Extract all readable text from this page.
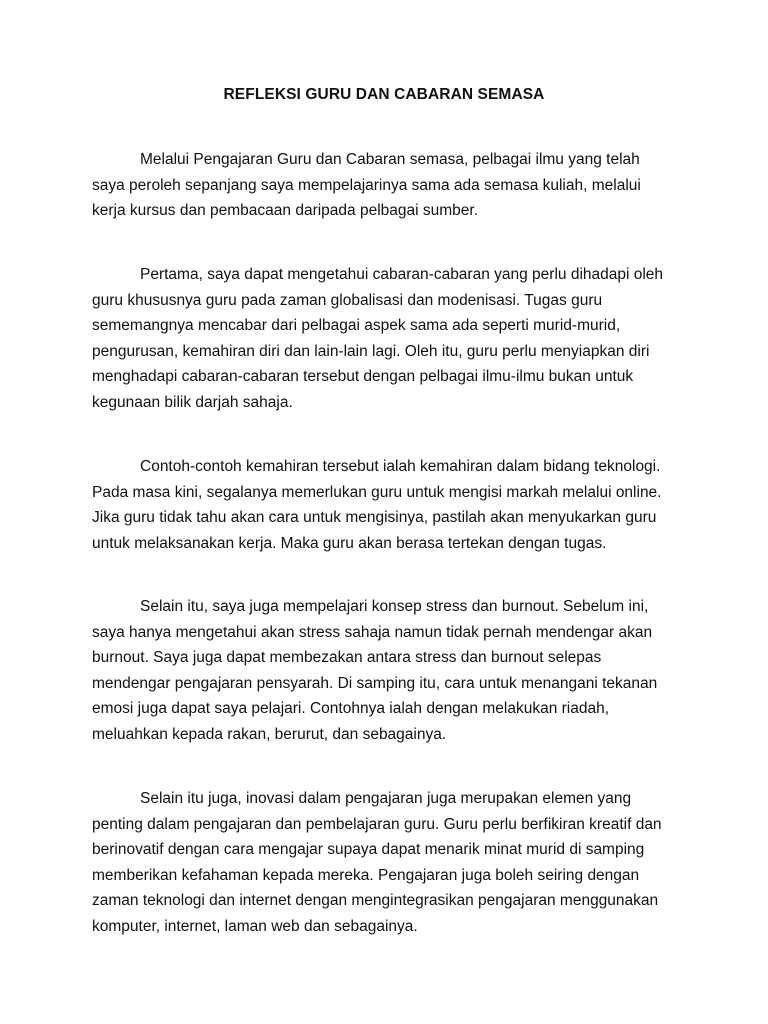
REFLEKSI GURU DAN CABARAN SEMASA

Melalui Pengajaran Guru dan Cabaran semasa, pelbagai ilmu yang telah
saya peroleh sepanjang saya mempelajarinya sama ada semasa kuliah, melalui
kerja kursus dan pembacaan daripada pelbagai sumber.

Pertama, saya dapat mengetahui cabaran-cabaran yang perlu dihadapi oleh
guru khususnya guru pada zaman globalisasi dan modenisasi. Tugas guru
sememangnya mencabar dari pelbagai aspek sama ada seperti murid-murid,
pengurusan, kemahiran diri dan lain-lain lagi. Oleh itu, guru perlu menyiapkan diri
menghadapi cabaran-cabaran tersebut dengan pelbagai ilmu-ilmu bukan untuk
kegunaan bilik darjah sahaja.

Contoh-contoh kemahiran tersebut ialah kemahiran dalam bidang teknologi.
Pada masa kini, segalanya memerlukan guru untuk mengisi markah melalui online.
Jika guru tidak tahu akan cara untuk mengisinya, pastilah akan menyukarkan guru
untuk melaksanakan kerja. Maka guru akan berasa tertekan dengan tugas.

Selain itu, saya juga mempelajari konsep stress dan burnout. Sebelum ini,
saya hanya mengetahui akan stress sahaja namun tidak pernah mendengar akan
burnout. Saya juga dapat membezakan antara stress dan burnout selepas
mendengar pengajaran pensyarah. Di samping itu, cara untuk menangani tekanan
emosi juga dapat saya pelajari. Contohnya ialah dengan melakukan riadah,
meluahkan kepada rakan, berurut, dan sebagainya.

Selain itu juga, inovasi dalam pengajaran juga merupakan elemen yang
penting dalam pengajaran dan pembelajaran guru. Guru perlu berfikiran kreatif dan
berinovatif dengan cara mengajar supaya dapat menarik minat murid di samping
memberikan kefahaman kepada mereka. Pengajaran juga boleh seiring dengan
zaman teknologi dan internet dengan mengintegrasikan pengajaran menggunakan
komputer, internet, laman web dan sebagainya.
